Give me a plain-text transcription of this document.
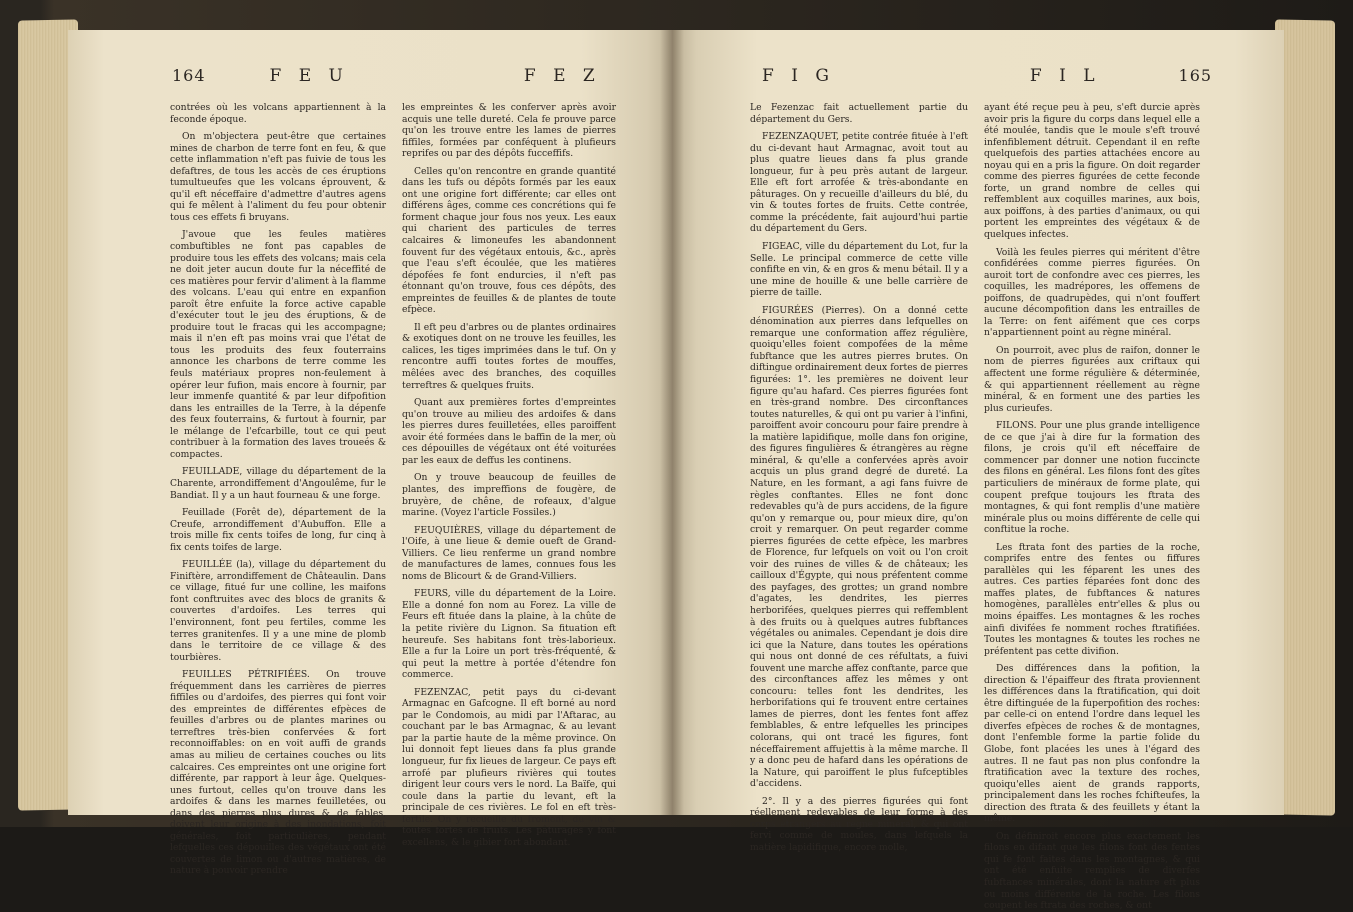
164	F E U	F E Z

contrées où les volcans appartiennent à la feconde époque.

On m'objectera peut-être que certaines mines de charbon de terre font en feu, & que cette inflammation n'eft pas fuivie de tous les defaftres, de tous les accès de ces éruptions tumultueufes que les volcans éprouvent, & qu'il eft néceffaire d'admettre d'autres agens qui fe mêlent à l'aliment du feu pour obtenir tous ces effets fi bruyans.

J'avoue que les feules matières combuftibles ne font pas capables de produire tous les effets des volcans; mais cela ne doit jeter aucun doute fur la néceffité de ces matières pour fervir d'aliment à la flamme des volcans. L'eau qui entre en expanfion paroît être enfuite la force active capable d'exécuter tout le jeu des éruptions, & de produire tout le fracas qui les accompagne; mais il n'en eft pas moins vrai que l'état de tous les produits des feux fouterrains annonce les charbons de terre comme les feuls matériaux propres non-feulement à opérer leur fufion, mais encore à fournir, par leur immenfe quantité & par leur difpofition dans les entrailles de la Terre, à la dépenfe des feux fouterrains, & furtout à fournir, par le mélange de l'efcarbille, tout ce qui peut contribuer à la formation des laves troueés & compactes.

FEUILLADE, village du département de la Charente, arrondiffement d'Angoulême, fur le Bandiat. Il y a un haut fourneau & une forge.

Feuillade (Forêt de), département de la Creufe, arrondiffement d'Aubuffon. Elle a trois mille fix cents toifes de long, fur cinq à fix cents toifes de large.

FEUILLÉE (la), village du département du Finiftère, arrondiffement de Châteaulin. Dans ce village, fitué fur une colline, les maifons font conftruites avec des blocs de granits & couvertes d'ardoifes. Les terres qui l'environnent, font peu fertiles, comme les terres granitenfes. Il y a une mine de plomb dans le territoire de ce village & des tourbières.

FEUILLES PÉTRIFIÉES. On trouve fréquemment dans les carrières de pierres fiffiles ou d'ardoifes, des pierres qui font voir des empreintes de différentes efpèces de feuilles d'arbres ou de plantes marines ou terreftres très-bien confervées & fort reconnoiffables: on en voit auffi de grands amas au milieu de certaines couches ou lits calcaires. Ces empreintes ont une origine fort différente, par rapport à leur âge. Quelques-unes furtout, celles qu'on trouve dans les ardoifes & dans les marnes feuilletées, ou dans des pierres plus dures & de fables, doivent leur origine à des inondations, foit générales, foit particulières, pendant lefquelles ces dépouilles des végétaux ont été couvertes de limon ou d'autres matières, de nature à pouvoir prendre

les empreintes & les conferver après avoir acquis une telle dureté. Cela fe prouve parce qu'on les trouve entre les lames de pierres fiffiles, formées par conféquent à plufieurs reprifes ou par des dépôts fucceffifs.

Celles qu'on rencontre en grande quantité dans les tufs ou dépôts formés par les eaux ont une origine fort différente; car elles ont différens âges, comme ces concrétions qui fe forment chaque jour fous nos yeux. Les eaux qui charient des particules de terres calcaires & limoneufes les abandonnent fouvent fur des végétaux entouis, &c., après que l'eau s'eft écoulée, que les matières dépofées fe font endurcies, il n'eft pas étonnant qu'on trouve, fous ces dépôts, des empreintes de feuilles & de plantes de toute efpèce.

Il eft peu d'arbres ou de plantes ordinaires & exotiques dont on ne trouve les feuilles, les calices, les tiges imprimées dans le tuf. On y rencontre auffi toutes fortes de mouffes, mêlées avec des branches, des coquilles terreftres & quelques fruits.

Quant aux premières fortes d'empreintes qu'on trouve au milieu des ardoifes & dans les pierres dures feuilletées, elles paroiffent avoir été formées dans le baffin de la mer, où ces dépouilles de végétaux ont été voiturées par les eaux de deffus les continens.

On y trouve beaucoup de feuilles de plantes, des impreffions de fougère, de bruyère, de chêne, de rofeaux, d'algue marine. (Voyez l'article Fossiles.)

FEUQUIÈRES, village du département de l'Oife, à une lieue & demie oueft de Grand-Villiers. Ce lieu renferme un grand nombre de manufactures de lames, connues fous les noms de Blicourt & de Grand-Villiers.

FEURS, ville du département de la Loire. Elle a donné fon nom au Forez. La ville de Feurs eft fituée dans la plaine, à la chûte de la petite rivière du Lignon. Sa fituation eft heureufe. Ses habitans font très-laborieux. Elle a fur la Loire un port très-fréquenté, & qui peut la mettre à portée d'étendre fon commerce.

FEZENZAC, petit pays du ci-devant Armagnac en Gafcogne. Il eft borné au nord par le Condomois, au midi par l'Aftarac, au couchant par le bas Armagnac, & au levant par la partie haute de la même province. On lui donnoit fept lieues dans fa plus grande longueur, fur fix lieues de largeur. Ce pays eft arrofé par plufieurs rivières qui toutes dirigent leur cours vers le nord. La Baïfe, qui coule dans la partie du levant, eft la principale de ces rivières. Le fol en eft très-fertile. On y recueille du froment, du vin & toutes fortes de fruits. Les pâturages y font excellens, & le gibier fort abondant.

F I G	F I L	165

Le Fezenzac fait actuellement partie du département du Gers.

FEZENZAQUET, petite contrée fituée à l'eft du ci-devant haut Armagnac, avoit tout au plus quatre lieues dans fa plus grande longueur, fur à peu près autant de largeur. Elle eft fort arrofée & très-abondante en pâturages. On y recueille d'ailleurs du blé, du vin & toutes fortes de fruits. Cette contrée, comme la précédente, fait aujourd'hui partie du département du Gers.

FIGEAC, ville du département du Lot, fur la Selle. Le principal commerce de cette ville confifte en vin, & en gros & menu bétail. Il y a une mine de houille & une belle carrière de pierre de taille.

FIGURÉES (Pierres). On a donné cette dénomination aux pierres dans lefquelles on remarque une conformation affez régulière, quoiqu'elles foient compofées de la même fubftance que les autres pierres brutes. On diftingue ordinairement deux fortes de pierres figurées: 1°. les premières ne doivent leur figure qu'au hafard. Ces pierres figurées font en très-grand nombre. Des circonftances toutes naturelles, & qui ont pu varier à l'infini, paroiffent avoir concouru pour faire prendre à la matière lapidifique, molle dans fon origine, des figures fingulières & étrangères au règne minéral, & qu'elle a confervées après avoir acquis un plus grand degré de dureté. La Nature, en les formant, a agi fans fuivre de règles conftantes. Elles ne font donc redevables qu'à de purs accidens, de la figure qu'on y remarque ou, pour mieux dire, qu'on croit y remarquer. On peut regarder comme pierres figurées de cette efpèce, les marbres de Florence, fur lefquels on voit ou l'on croit voir des ruines de villes & de châteaux; les cailloux d'Égypte, qui nous préfentent comme des payfages, des grottes; un grand nombre d'agates, les dendrites, les pierres herborifées, quelques pierres qui reffemblent à des fruits ou à quelques autres fubftances végétales ou animales. Cependant je dois dire ici que la Nature, dans toutes les opérations qui nous ont donné de ces réfultats, a fuivi fouvent une marche affez conftante, parce que des circonftances affez les mêmes y ont concouru: telles font les dendrites, les herborifations qui fe trouvent entre certaines lames de pierres, dont les fentes font affez femblables, & entre lefquelles les principes colorans, qui ont tracé les figures, font néceffairement affujettis à la même marche. Il y a donc peu de hafard dans les opérations de la Nature, qui paroiffent le plus fufceptibles d'accidens.

2°. Il y a des pierres figurées qui font réellement redevables de leur forme à des corps étrangers au règne minéral, & qui ont fervi comme de moules, dans lefquels la matière lapidifique, encore molle,

ayant été reçue peu à peu, s'eft durcie après avoir pris la figure du corps dans lequel elle a été moulée, tandis que le moule s'eft trouvé infenfiblement détruit. Cependant il en refte quelquefois des parties attachées encore au noyau qui en a pris la figure. On doit regarder comme des pierres figurées de cette feconde forte, un grand nombre de celles qui reffemblent aux coquilles marines, aux bois, aux poiffons, à des parties d'animaux, ou qui portent les empreintes des végétaux & de quelques infectes.

Voilà les feules pierres qui méritent d'être confidérées comme pierres figurées. On auroit tort de confondre avec ces pierres, les coquilles, les madrépores, les offemens de poiffons, de quadrupèdes, qui n'ont fouffert aucune décompofition dans les entrailles de la Terre: on fent aifément que ces corps n'appartiennent point au règne minéral.

On pourroit, avec plus de raifon, donner le nom de pierres figurées aux criftaux qui affectent une forme régulière & déterminée, & qui appartiennent réellement au règne minéral, & en forment une des parties les plus curieufes.

FILONS. Pour une plus grande intelligence de ce que j'ai à dire fur la formation des filons, je crois qu'il eft néceffaire de commencer par donner une notion fuccincte des filons en général. Les filons font des gîtes particuliers de minéraux de forme plate, qui coupent prefque toujours les ftrata des montagnes, & qui font remplis d'une matière minérale plus ou moins différente de celle qui conftitue la roche.

Les ftrata font des parties de la roche, comprifes entre des fentes ou fiffures parallèles qui les féparent les unes des autres. Ces parties féparées font donc des maffes plates, de fubftances & natures homogènes, parallèles entr'elles & plus ou moins épaiffes. Les montagnes & les roches ainfi divifées fe nomment roches ftratifiées. Toutes les montagnes & toutes les roches ne préfentent pas cette divifion.

Des différences dans la pofition, la direction & l'épaiffeur des ftrata proviennent les différences dans la ftratification, qui doit être diftinguée de la fuperpofition des roches: par celle-ci on entend l'ordre dans lequel les diverfes efpèces de roches & de montagnes, dont l'enfemble forme la partie folide du Globe, font placées les unes à l'égard des autres. Il ne faut pas non plus confondre la ftratification avec la texture des roches, quoiqu'elles aient de grands rapports, principalement dans les roches fchifteufes, la direction des ftrata & des feuillets y étant la même.

On définiroit encore plus exactement les filons en difant que les filons font des fentes qui fe font faites dans les montagnes, & qui ont été enfuite remplies de diverfes fubftances minérales, dont la nature eft plus ou moins différente de la roche. Les filons coupent les ftrata des roches, & ont
